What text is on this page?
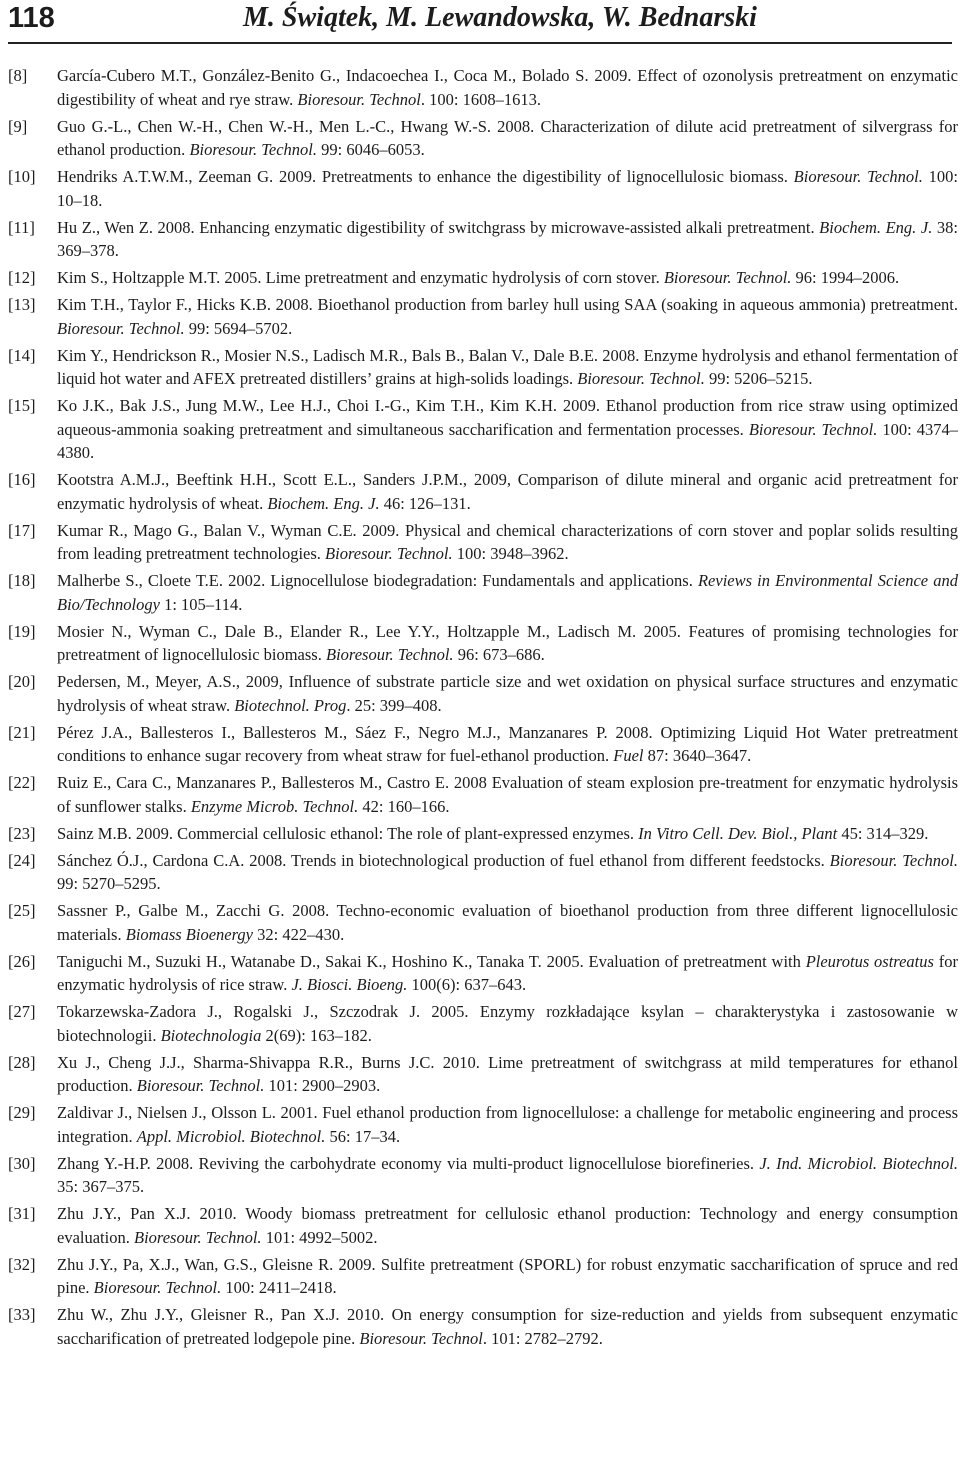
118	M. Świątek, M. Lewandowska, W. Bednarski
[8] García-Cubero M.T., González-Benito G., Indacoechea I., Coca M., Bolado S. 2009. Effect of ozonolysis pretreatment on enzymatic digestibility of wheat and rye straw. Bioresour. Technol. 100: 1608–1613.
[9] Guo G.-L., Chen W.-H., Chen W.-H., Men L.-C., Hwang W.-S. 2008. Characterization of dilute acid pretreatment of silvergrass for ethanol production. Bioresour. Technol. 99: 6046–6053.
[10] Hendriks A.T.W.M., Zeeman G. 2009. Pretreatments to enhance the digestibility of lignocellulosic biomass. Bioresour. Technol. 100: 10–18.
[11] Hu Z., Wen Z. 2008. Enhancing enzymatic digestibility of switchgrass by microwave-assisted alkali pretreatment. Biochem. Eng. J. 38: 369–378.
[12] Kim S., Holtzapple M.T. 2005. Lime pretreatment and enzymatic hydrolysis of corn stover. Bioresour. Technol. 96: 1994–2006.
[13] Kim T.H., Taylor F., Hicks K.B. 2008. Bioethanol production from barley hull using SAA (soaking in aqueous ammonia) pretreatment. Bioresour. Technol. 99: 5694–5702.
[14] Kim Y., Hendrickson R., Mosier N.S., Ladisch M.R., Bals B., Balan V., Dale B.E. 2008. Enzyme hydrolysis and ethanol fermentation of liquid hot water and AFEX pretreated distillers’ grains at high-solids loadings. Bioresour. Technol. 99: 5206–5215.
[15] Ko J.K., Bak J.S., Jung M.W., Lee H.J., Choi I.-G., Kim T.H., Kim K.H. 2009. Ethanol production from rice straw using optimized aqueous-ammonia soaking pretreatment and simultaneous saccharification and fermentation processes. Bioresour. Technol. 100: 4374–4380.
[16] Kootstra A.M.J., Beeftink H.H., Scott E.L., Sanders J.P.M., 2009, Comparison of dilute mineral and organic acid pretreatment for enzymatic hydrolysis of wheat. Biochem. Eng. J. 46: 126–131.
[17] Kumar R., Mago G., Balan V., Wyman C.E. 2009. Physical and chemical characterizations of corn stover and poplar solids resulting from leading pretreatment technologies. Bioresour. Technol. 100: 3948–3962.
[18] Malherbe S., Cloete T.E. 2002. Lignocellulose biodegradation: Fundamentals and applications. Reviews in Environmental Science and Bio/Technology 1: 105–114.
[19] Mosier N., Wyman C., Dale B., Elander R., Lee Y.Y., Holtzapple M., Ladisch M. 2005. Features of promising technologies for pretreatment of lignocellulosic biomass. Bioresour. Technol. 96: 673–686.
[20] Pedersen, M., Meyer, A.S., 2009, Influence of substrate particle size and wet oxidation on physical surface structures and enzymatic hydrolysis of wheat straw. Biotechnol. Prog. 25: 399–408.
[21] Pérez J.A., Ballesteros I., Ballesteros M., Sáez F., Negro M.J., Manzanares P. 2008. Optimizing Liquid Hot Water pretreatment conditions to enhance sugar recovery from wheat straw for fuel-ethanol production. Fuel 87: 3640–3647.
[22] Ruiz E., Cara C., Manzanares P., Ballesteros M., Castro E. 2008 Evaluation of steam explosion pre-treatment for enzymatic hydrolysis of sunflower stalks. Enzyme Microb. Technol. 42: 160–166.
[23] Sainz M.B. 2009. Commercial cellulosic ethanol: The role of plant-expressed enzymes. In Vitro Cell. Dev. Biol., Plant 45: 314–329.
[24] Sánchez Ó.J., Cardona C.A. 2008. Trends in biotechnological production of fuel ethanol from different feedstocks. Bioresour. Technol. 99: 5270–5295.
[25] Sassner P., Galbe M., Zacchi G. 2008. Techno-economic evaluation of bioethanol production from three different lignocellulosic materials. Biomass Bioenergy 32: 422–430.
[26] Taniguchi M., Suzuki H., Watanabe D., Sakai K., Hoshino K., Tanaka T. 2005. Evaluation of pretreatment with Pleurotus ostreatus for enzymatic hydrolysis of rice straw. J. Biosci. Bioeng. 100(6): 637–643.
[27] Tokarzewska-Zadora J., Rogalski J., Szczodrak J. 2005. Enzymy rozkładające ksylan – charakterystyka i zastosowanie w biotechnologii. Biotechnologia 2(69): 163–182.
[28] Xu J., Cheng J.J., Sharma-Shivappa R.R., Burns J.C. 2010. Lime pretreatment of switchgrass at mild temperatures for ethanol production. Bioresour. Technol. 101: 2900–2903.
[29] Zaldivar J., Nielsen J., Olsson L. 2001. Fuel ethanol production from lignocellulose: a challenge for metabolic engineering and process integration. Appl. Microbiol. Biotechnol. 56: 17–34.
[30] Zhang Y.-H.P. 2008. Reviving the carbohydrate economy via multi-product lignocellulose biorefineries. J. Ind. Microbiol. Biotechnol. 35: 367–375.
[31] Zhu J.Y., Pan X.J. 2010. Woody biomass pretreatment for cellulosic ethanol production: Technology and energy consumption evaluation. Bioresour. Technol. 101: 4992–5002.
[32] Zhu J.Y., Pa, X.J., Wan, G.S., Gleisne R. 2009. Sulfite pretreatment (SPORL) for robust enzymatic saccharification of spruce and red pine. Bioresour. Technol. 100: 2411–2418.
[33] Zhu W., Zhu J.Y., Gleisner R., Pan X.J. 2010. On energy consumption for size-reduction and yields from subsequent enzymatic saccharification of pretreated lodgepole pine. Bioresour. Technol. 101: 2782–2792.
